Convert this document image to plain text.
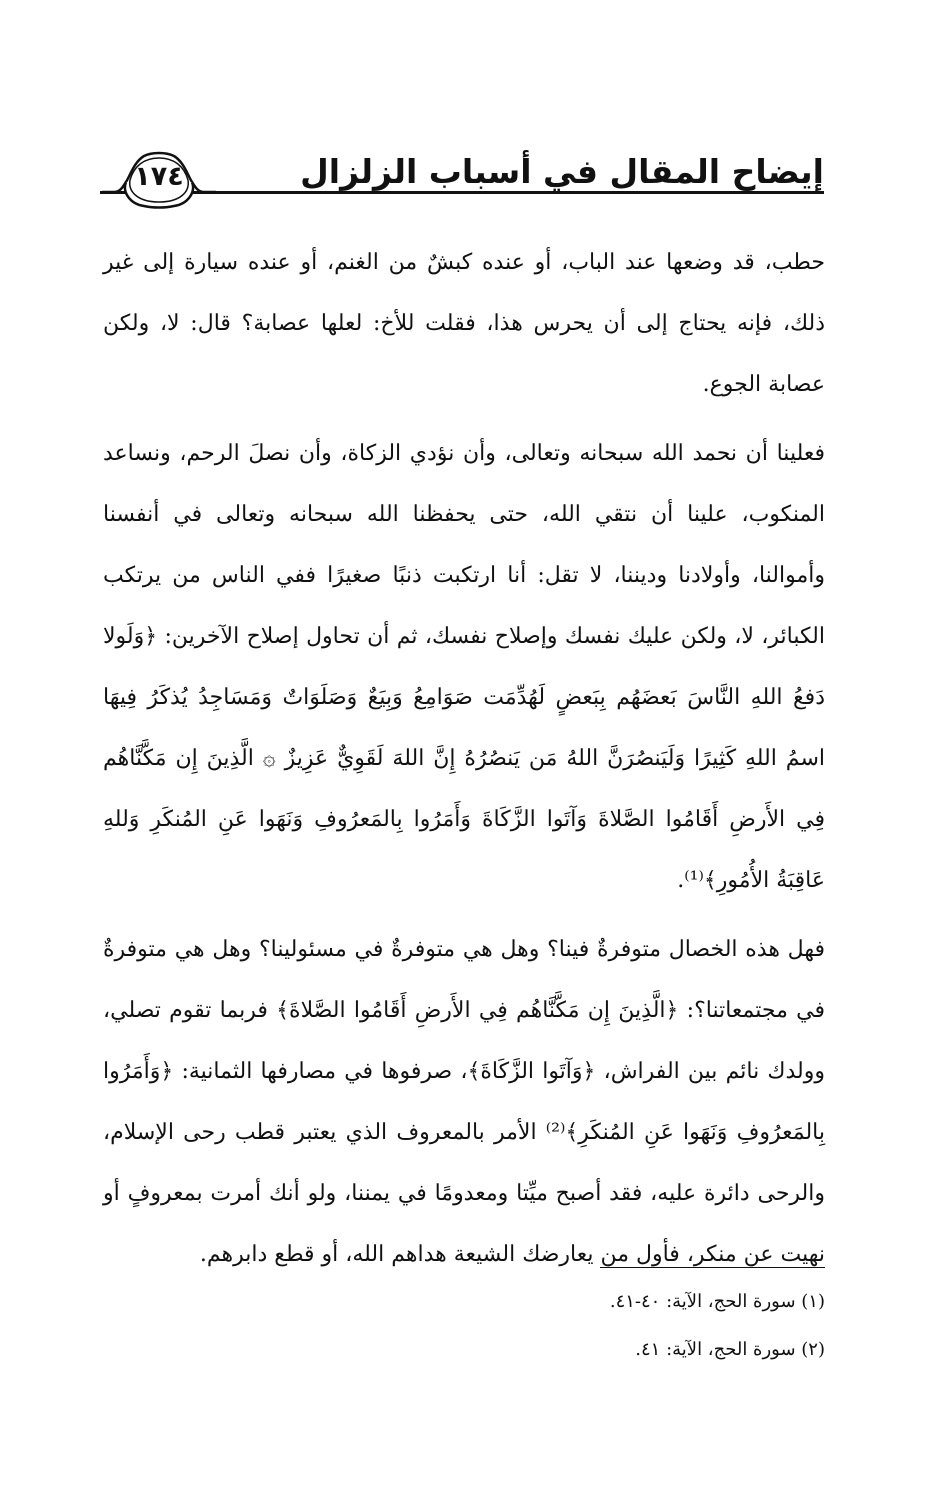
إيضاح المقال في أسباب الزلزال
١٧٤

حطب، قد وضعها عند الباب، أو عنده كبشٌ من الغنم، أو عنده سيارة إلى غير ذلك، فإنه يحتاج إلى أن يحرس هذا، فقلت للأخ: لعلها عصابة؟ قال: لا، ولكن عصابة الجوع.

فعلينا أن نحمد الله سبحانه وتعالى، وأن نؤدي الزكاة، وأن نصلَ الرحم، ونساعد المنكوب، علينا أن نتقي الله، حتى يحفظنا الله سبحانه وتعالى في أنفسنا وأموالنا، وأولادنا وديننا، لا تقل: أنا ارتكبت ذنبًا صغيرًا ففي الناس من يرتكب الكبائر، لا، ولكن عليك نفسك وإصلاح نفسك، ثم أن تحاول إصلاح الآخرين: ﴿وَلَولا دَفعُ اللهِ النَّاسَ بَعضَهُم بِبَعضٍ لَهُدِّمَت صَوَامِعُ وَبِيَعٌ وَصَلَوَاتٌ وَمَسَاجِدُ يُذكَرُ فِيهَا اسمُ اللهِ كَثِيرًا وَلَيَنصُرَنَّ اللهُ مَن يَنصُرُهُ إِنَّ اللهَ لَقَوِيٌّ عَزِيزٌ ۞ الَّذِينَ إِن مَكَّنَّاهُم فِي الأَرضِ أَقَامُوا الصَّلاةَ وَآتَوا الزَّكَاةَ وَأَمَرُوا بِالمَعرُوفِ وَنَهَوا عَنِ المُنكَرِ وَللهِ عَاقِبَةُ الأُمُورِ﴾⁽¹⁾.

فهل هذه الخصال متوفرةٌ فينا؟ وهل هي متوفرةٌ في مسئولينا؟ وهل هي متوفرةٌ في مجتمعاتنا؟: ﴿الَّذِينَ إِن مَكَّنَّاهُم فِي الأَرضِ أَقَامُوا الصَّلاةَ﴾ فربما تقوم تصلي، وولدك نائم بين الفراش، ﴿وَآتَوا الزَّكَاةَ﴾، صرفوها في مصارفها الثمانية: ﴿وَأَمَرُوا بِالمَعرُوفِ وَنَهَوا عَنِ المُنكَرِ﴾⁽²⁾ الأمر بالمعروف الذي يعتبر قطب رحى الإسلام، والرحى دائرة عليه، فقد أصبح ميِّتا ومعدومًا في يمننا، ولو أنك أمرت بمعروفٍ أو نهيت عن منكر، فأول من يعارضك الشيعة هداهم الله، أو قطع دابرهم.

(١) سورة الحج، الآية: ٤٠-٤١.
(٢) سورة الحج، الآية: ٤١.
